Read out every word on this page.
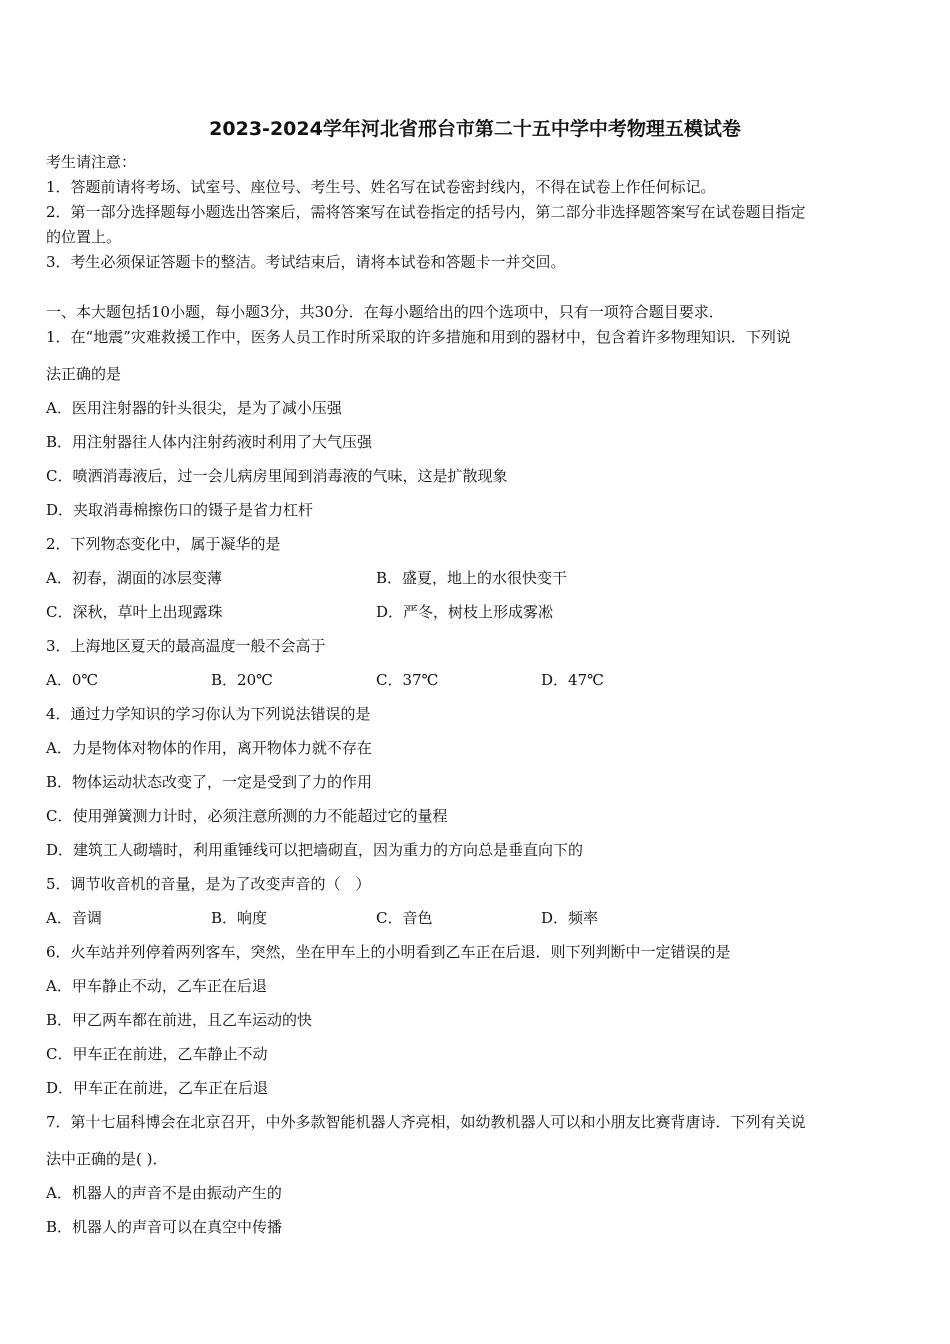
2023-2024学年河北省邢台市第二十五中学中考物理五模试卷
考生请注意：
1．答题前请将考场、试室号、座位号、考生号、姓名写在试卷密封线内，不得在试卷上作任何标记。
2．第一部分选择题每小题选出答案后，需将答案写在试卷指定的括号内，第二部分非选择题答案写在试卷题目指定
的位置上。
3．考生必须保证答题卡的整洁。考试结束后，请将本试卷和答题卡一并交回。
一、本大题包括10小题，每小题3分，共30分．在每小题给出的四个选项中，只有一项符合题目要求．
1．在“地震”灾难救援工作中，医务人员工作时所采取的许多措施和用到的器材中，包含着许多物理知识．下列说
法正确的是
A．医用注射器的针头很尖，是为了减小压强
B．用注射器往人体内注射药液时利用了大气压强
C．喷洒消毒液后，过一会儿病房里闻到消毒液的气味，这是扩散现象
D．夹取消毒棉擦伤口的镊子是省力杠杆
2．下列物态变化中，属于凝华的是
A．初春，湖面的冰层变薄	B．盛夏，地上的水很快变干
C．深秋，草叶上出现露珠	D．严冬，树枝上形成雾凇
3．上海地区夏天的最高温度一般不会高于
A．0℃	B．20℃	C．37℃	D．47℃
4．通过力学知识的学习你认为下列说法错误的是
A．力是物体对物体的作用，离开物体力就不存在
B．物体运动状态改变了，一定是受到了力的作用
C．使用弹簧测力计时，必须注意所测的力不能超过它的量程
D．建筑工人砌墙时，利用重锤线可以把墙砌直，因为重力的方向总是垂直向下的
5．调节收音机的音量，是为了改变声音的（　）
A．音调	B．响度	C．音色	D．频率
6．火车站并列停着两列客车，突然，坐在甲车上的小明看到乙车正在后退．则下列判断中一定错误的是
A．甲车静止不动，乙车正在后退
B．甲乙两车都在前进，且乙车运动的快
C．甲车正在前进，乙车静止不动
D．甲车正在前进，乙车正在后退
7．第十七届科博会在北京召开，中外多款智能机器人齐亮相，如幼教机器人可以和小朋友比赛背唐诗．下列有关说
法中正确的是( )．
A．机器人的声音不是由振动产生的
B．机器人的声音可以在真空中传播
